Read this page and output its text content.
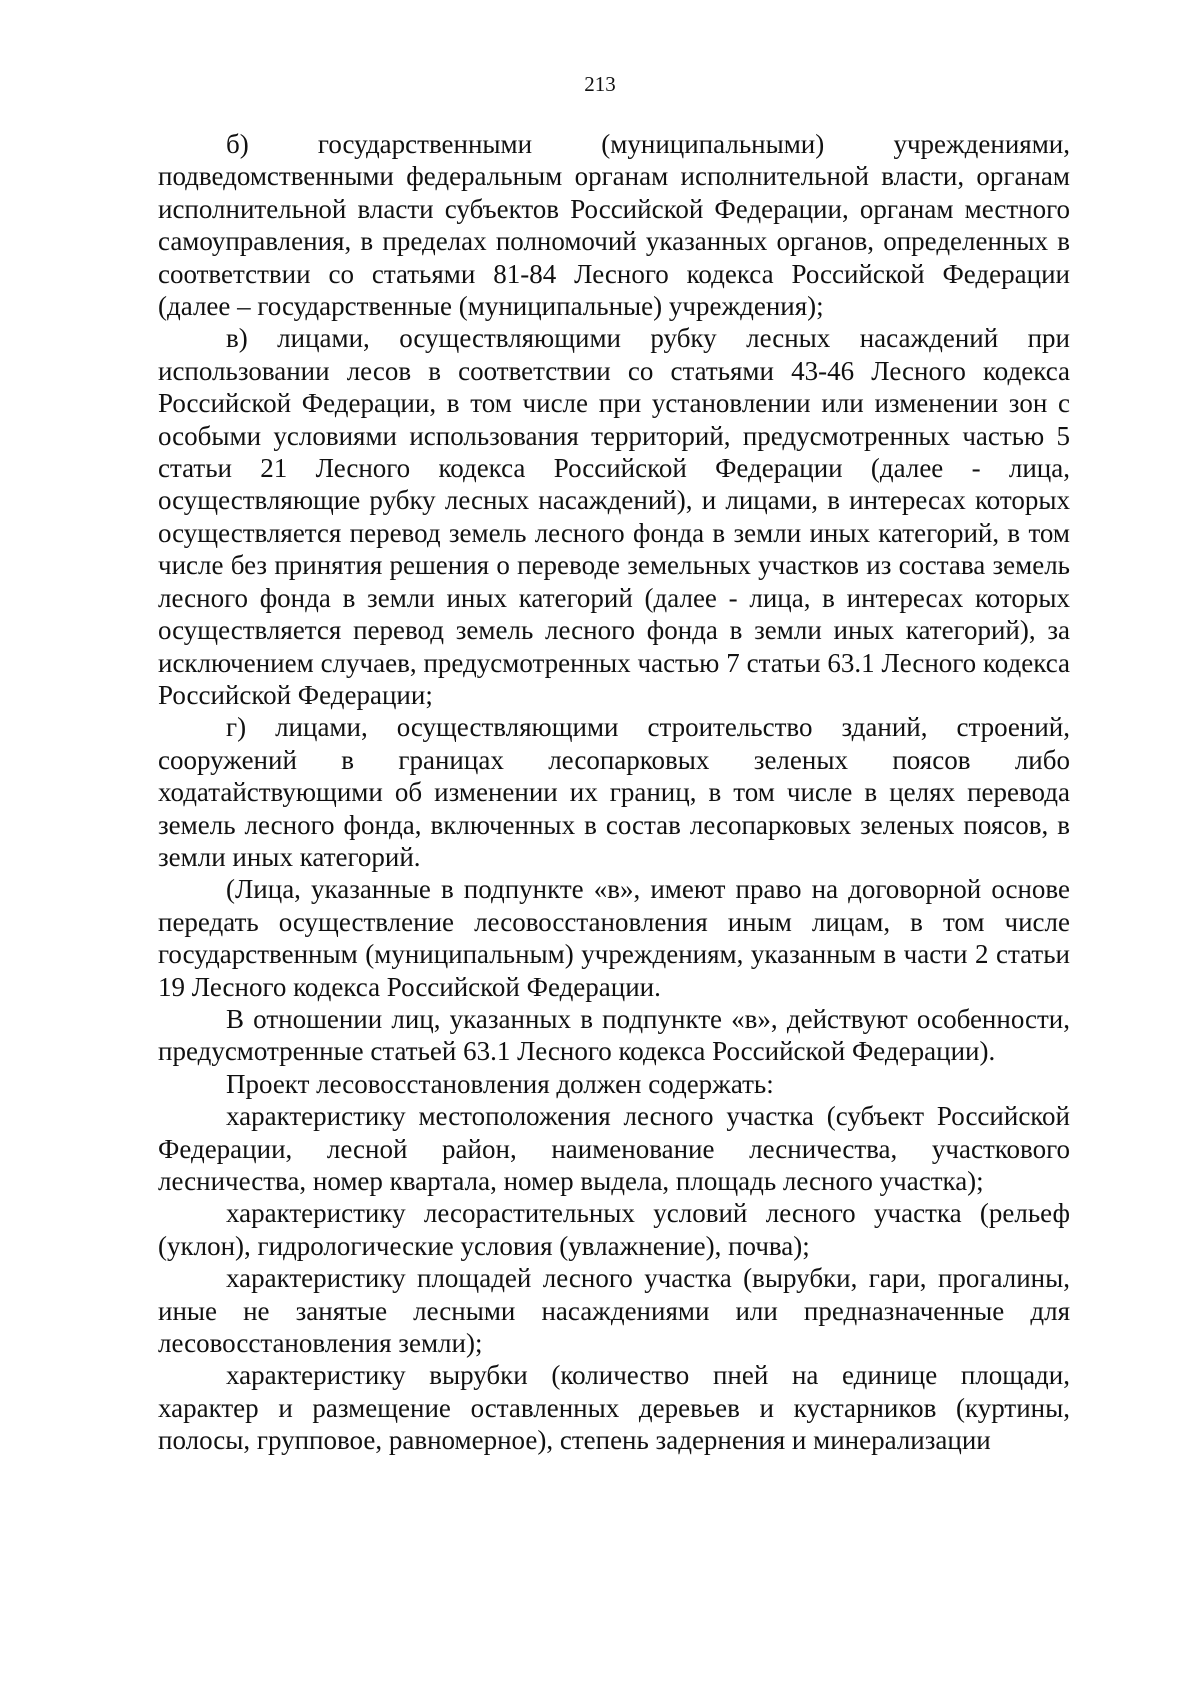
213

б) государственными (муниципальными) учреждениями, подведомственными федеральным органам исполнительной власти, органам исполнительной власти субъектов Российской Федерации, органам местного самоуправления, в пределах полномочий указанных органов, определенных в соответствии со статьями 81-84 Лесного кодекса Российской Федерации (далее – государственные (муниципальные) учреждения);

в) лицами, осуществляющими рубку лесных насаждений при использовании лесов в соответствии со статьями 43-46 Лесного кодекса Российской Федерации, в том числе при установлении или изменении зон с особыми условиями использования территорий, предусмотренных частью 5 статьи 21 Лесного кодекса Российской Федерации (далее - лица, осуществляющие рубку лесных насаждений), и лицами, в интересах которых осуществляется перевод земель лесного фонда в земли иных категорий, в том числе без принятия решения о переводе земельных участков из состава земель лесного фонда в земли иных категорий (далее - лица, в интересах которых осуществляется перевод земель лесного фонда в земли иных категорий), за исключением случаев, предусмотренных частью 7 статьи 63.1 Лесного кодекса Российской Федерации;

г) лицами, осуществляющими строительство зданий, строений, сооружений в границах лесопарковых зеленых поясов либо ходатайствующими об изменении их границ, в том числе в целях перевода земель лесного фонда, включенных в состав лесопарковых зеленых поясов, в земли иных категорий.

(Лица, указанные в подпункте «в», имеют право на договорной основе передать осуществление лесовосстановления иным лицам, в том числе государственным (муниципальным) учреждениям, указанным в части 2 статьи 19 Лесного кодекса Российской Федерации.

В отношении лиц, указанных в подпункте «в», действуют особенности, предусмотренные статьей 63.1 Лесного кодекса Российской Федерации).

Проект лесовосстановления должен содержать:

характеристику местоположения лесного участка (субъект Российской Федерации, лесной район, наименование лесничества, участкового лесничества, номер квартала, номер выдела, площадь лесного участка);

характеристику лесорастительных условий лесного участка (рельеф (уклон), гидрологические условия (увлажнение), почва);

характеристику площадей лесного участка (вырубки, гари, прогалины, иные не занятые лесными насаждениями или предназначенные для лесовосстановления земли);

характеристику вырубки (количество пней на единице площади, характер и размещение оставленных деревьев и кустарников (куртины, полосы, групповое, равномерное), степень задернения и минерализации
